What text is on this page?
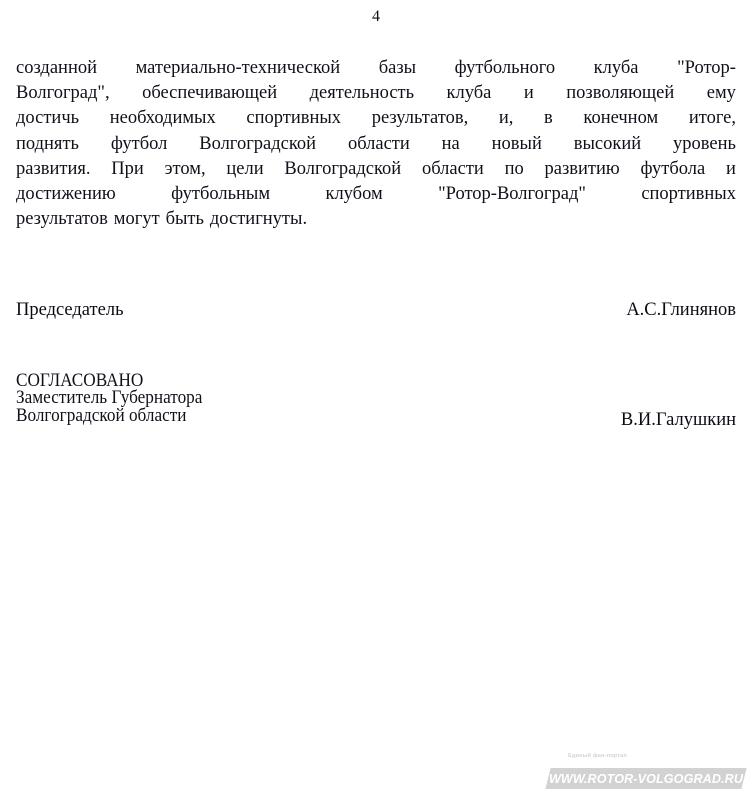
4
созданной материально-технической базы футбольного клуба "Ротор-
Волгоград", обеспечивающей деятельность клуба и позволяющей ему
достичь необходимых спортивных результатов, и, в конечном итоге,
поднять футбол Волгоградской области на новый высокий уровень
развития. При этом, цели Волгоградской области по развитию футбола и
достижению	футбольным	клубом	"Ротор-Волгоград"	спортивных
результатов могут быть достигнуты.
Председатель	А.С.Глинянов
СОГЛАСОВАНО
Заместитель Губернатора
Волгоградской области	В.И.Галушкин
Единый фан-портал
WWW.ROTOR-VOLGOGRAD.RU
